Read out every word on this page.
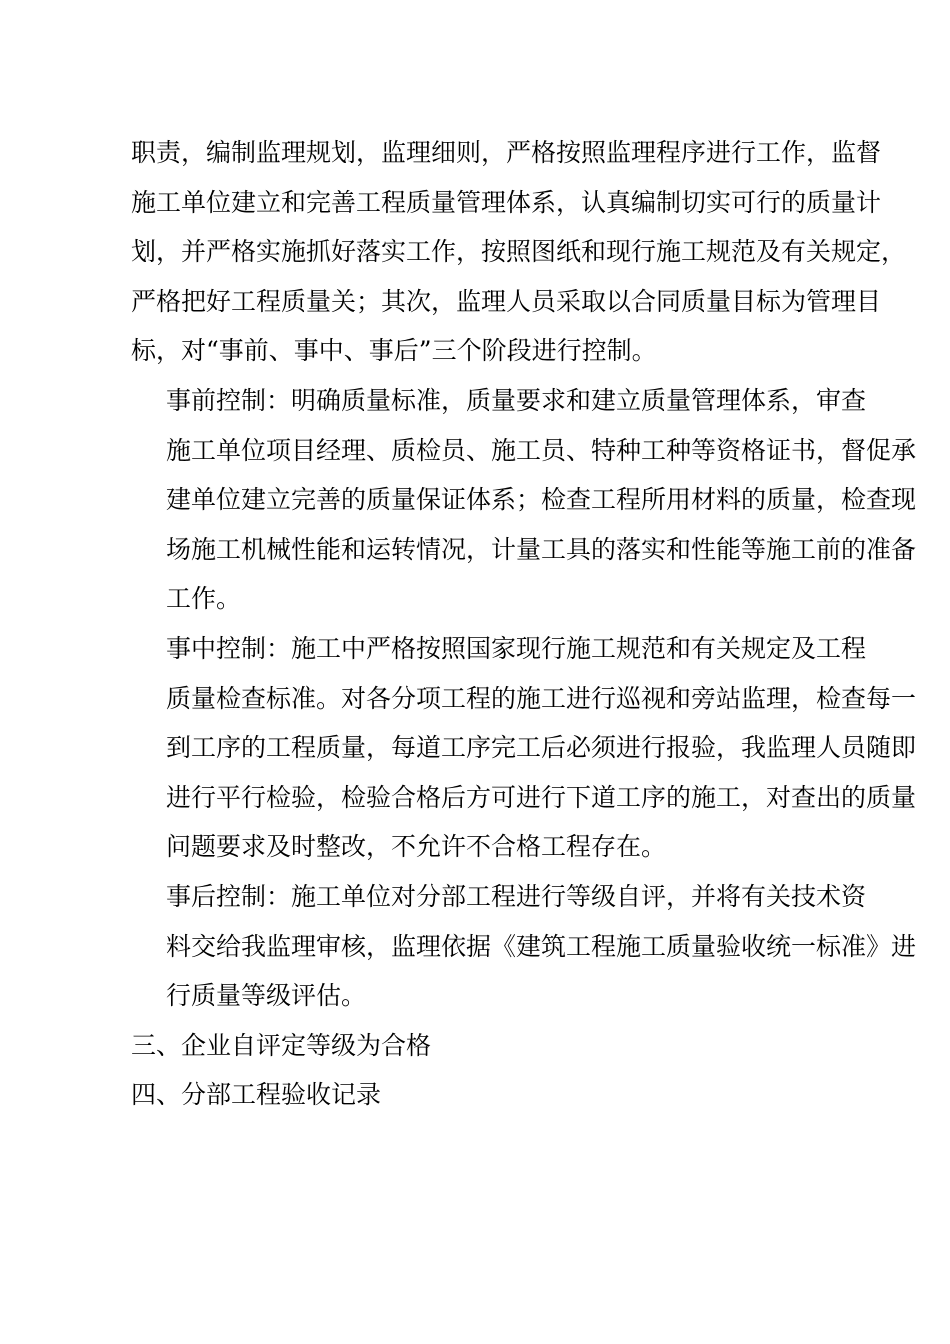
职责，编制监理规划，监理细则，严格按照监理程序进行工作，监督
施工单位建立和完善工程质量管理体系，认真编制切实可行的质量计
划，并严格实施抓好落实工作，按照图纸和现行施工规范及有关规定，
严格把好工程质量关；其次，监理人员采取以合同质量目标为管理目
标，对“事前、事中、事后”三个阶段进行控制。

事前控制：明确质量标准，质量要求和建立质量管理体系，审查
施工单位项目经理、质检员、施工员、特种工种等资格证书，督促承
建单位建立完善的质量保证体系；检查工程所用材料的质量，检查现
场施工机械性能和运转情况，计量工具的落实和性能等施工前的准备
工作。

事中控制：施工中严格按照国家现行施工规范和有关规定及工程
质量检查标准。对各分项工程的施工进行巡视和旁站监理，检查每一
到工序的工程质量，每道工序完工后必须进行报验，我监理人员随即
进行平行检验，检验合格后方可进行下道工序的施工，对查出的质量
问题要求及时整改，不允许不合格工程存在。

事后控制：施工单位对分部工程进行等级自评，并将有关技术资
料交给我监理审核，监理依据《建筑工程施工质量验收统一标准》进
行质量等级评估。

三、企业自评定等级为合格

四、分部工程验收记录
